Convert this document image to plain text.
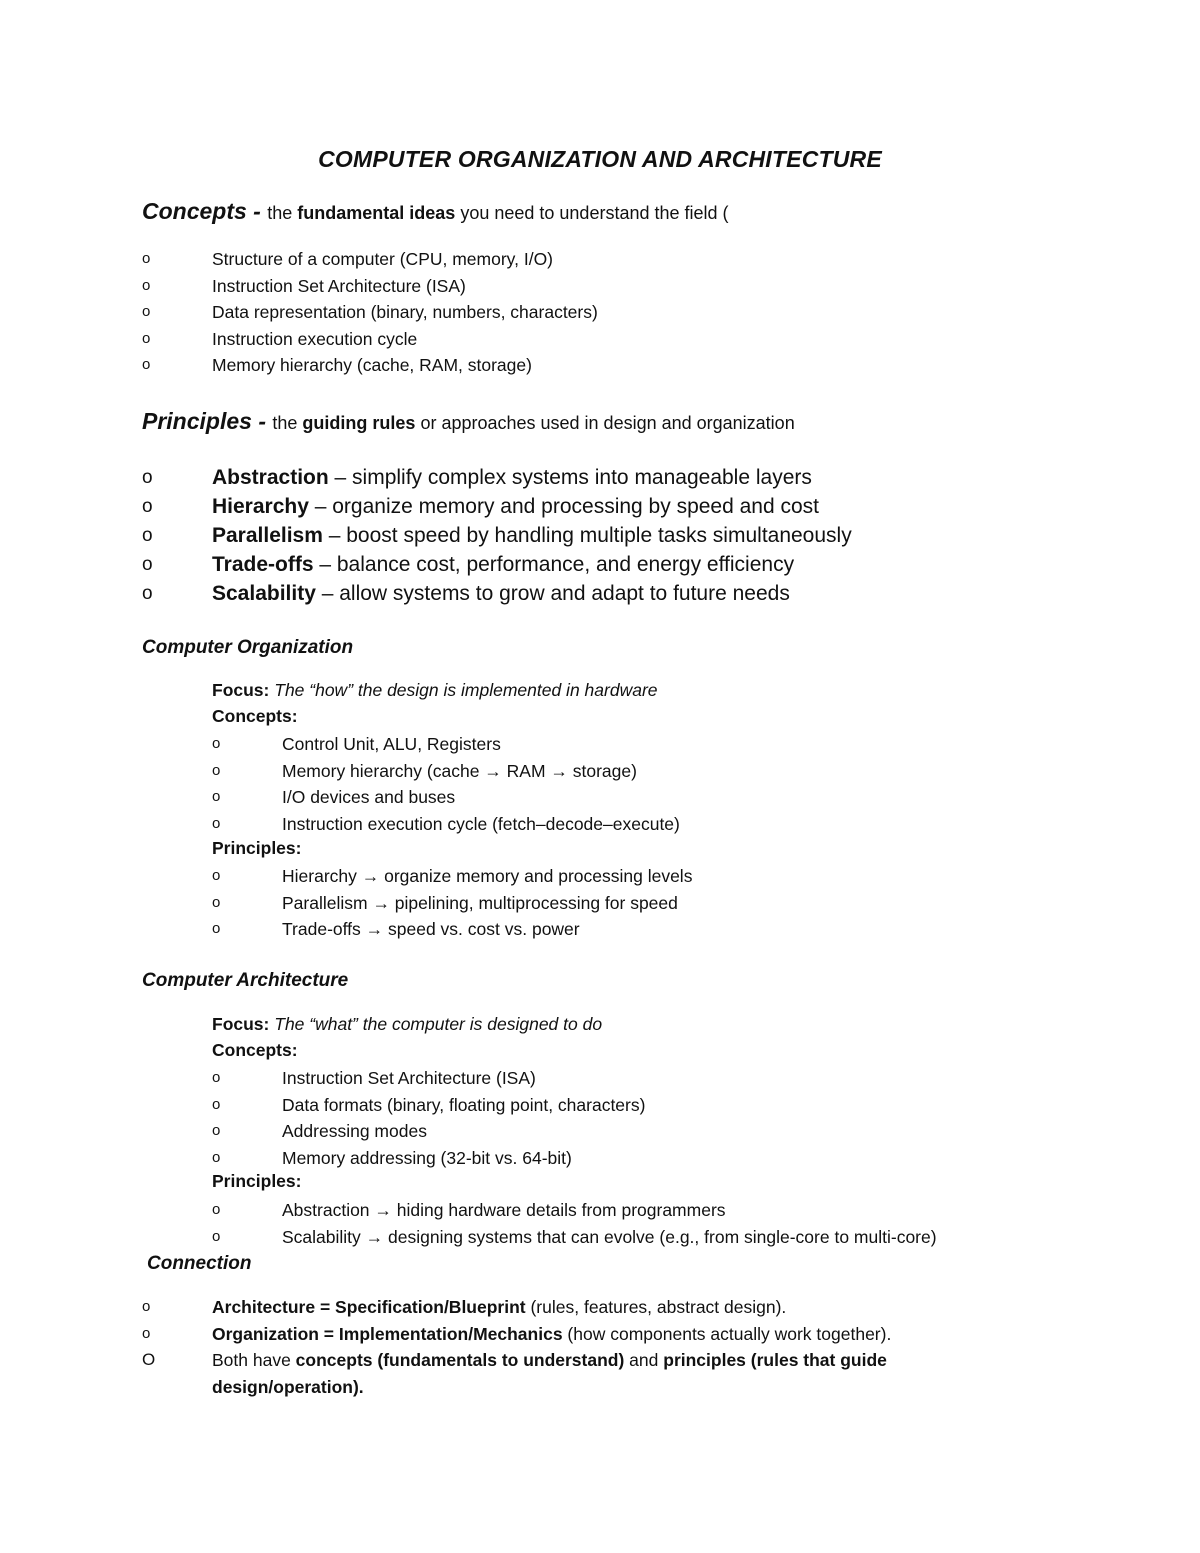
COMPUTER ORGANIZATION AND ARCHITECTURE
Concepts - the fundamental ideas you need to understand the field (
o	Structure of a computer (CPU, memory, I/O)
o	Instruction Set Architecture (ISA)
o	Data representation (binary, numbers, characters)
o	Instruction execution cycle
o	Memory hierarchy (cache, RAM, storage)
Principles - the guiding rules or approaches used in design and organization
o	Abstraction – simplify complex systems into manageable layers
o	Hierarchy – organize memory and processing by speed and cost
o	Parallelism – boost speed by handling multiple tasks simultaneously
o	Trade-offs – balance cost, performance, and energy efficiency
o	Scalability – allow systems to grow and adapt to future needs
Computer Organization
Focus: The “how” the design is implemented in hardware
Concepts:
o	Control Unit, ALU, Registers
o	Memory hierarchy (cache → RAM → storage)
o	I/O devices and buses
o	Instruction execution cycle (fetch–decode–execute)
Principles:
o	Hierarchy → organize memory and processing levels
o	Parallelism → pipelining, multiprocessing for speed
o	Trade-offs → speed vs. cost vs. power
Computer Architecture
Focus: The “what” the computer is designed to do
Concepts:
o	Instruction Set Architecture (ISA)
o	Data formats (binary, floating point, characters)
o	Addressing modes
o	Memory addressing (32-bit vs. 64-bit)
Principles:
o	Abstraction → hiding hardware details from programmers
o	Scalability → designing systems that can evolve (e.g., from single-core to multi-core)
Connection
o	Architecture = Specification/Blueprint (rules, features, abstract design).
o	Organization = Implementation/Mechanics (how components actually work together).
O	Both have concepts (fundamentals to understand) and principles (rules that guide
design/operation).
